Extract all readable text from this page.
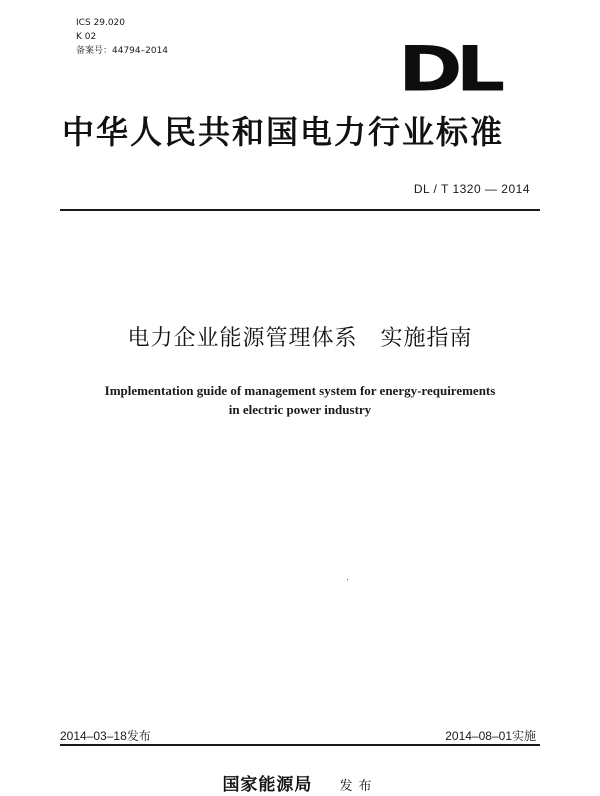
ICS 29.020
K 02
备案号：44794–2014	DL
中华人民共和国电力行业标准
DL / T 1320 — 2014
电力企业能源管理体系　实施指南
Implementation guide of management system for energy-requirements
in electric power industry
2014–03–18发布	2014–08–01实施
国家能源局 发布
